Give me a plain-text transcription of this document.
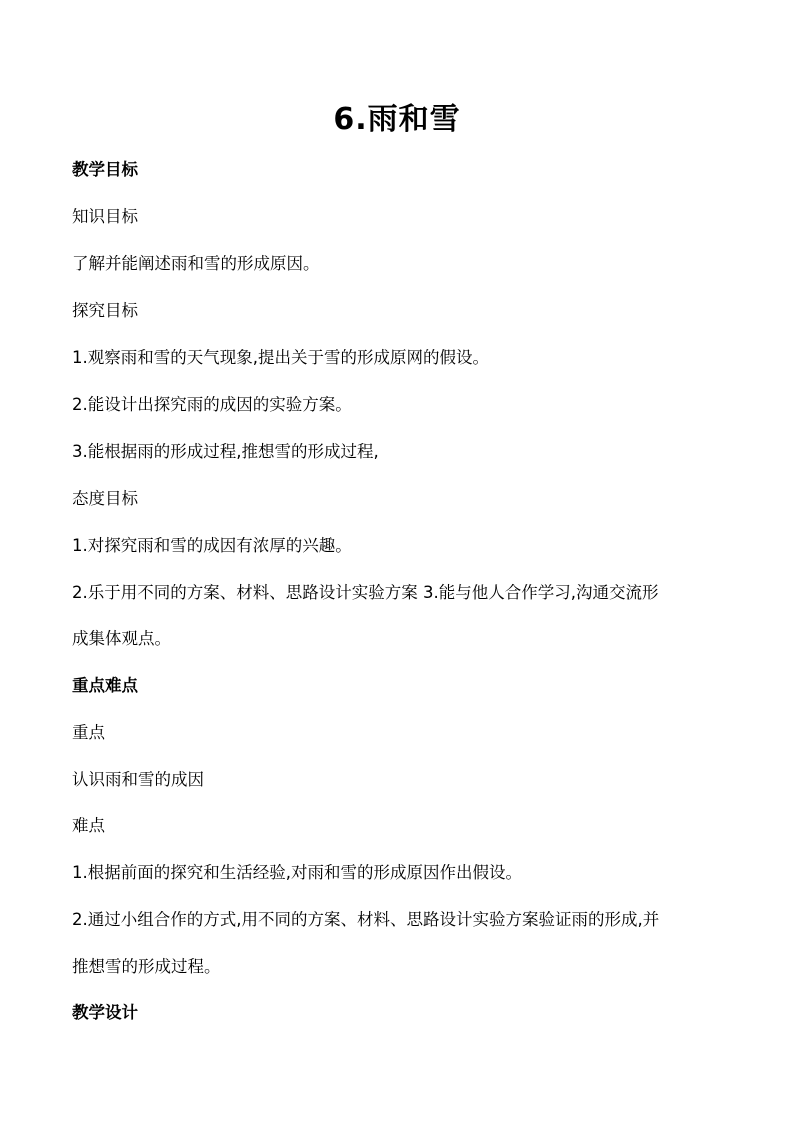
6.雨和雪
教学目标
知识目标
了解并能阐述雨和雪的形成原因。
探究目标
1.观察雨和雪的天气现象,提出关于雪的形成原网的假设。
2.能设计出探究雨的成因的实验方案。
3.能根据雨的形成过程,推想雪的形成过程,
态度目标
1.对探究雨和雪的成因有浓厚的兴趣。
2.乐于用不同的方案、材料、思路设计实验方案 3.能与他人合作学习,沟通交流形
成集体观点。
重点难点
重点
认识雨和雪的成因
难点
1.根据前面的探究和生活经验,对雨和雪的形成原因作出假设。
2.通过小组合作的方式,用不同的方案、材料、思路设计实验方案验证雨的形成,并
推想雪的形成过程。
教学设计
